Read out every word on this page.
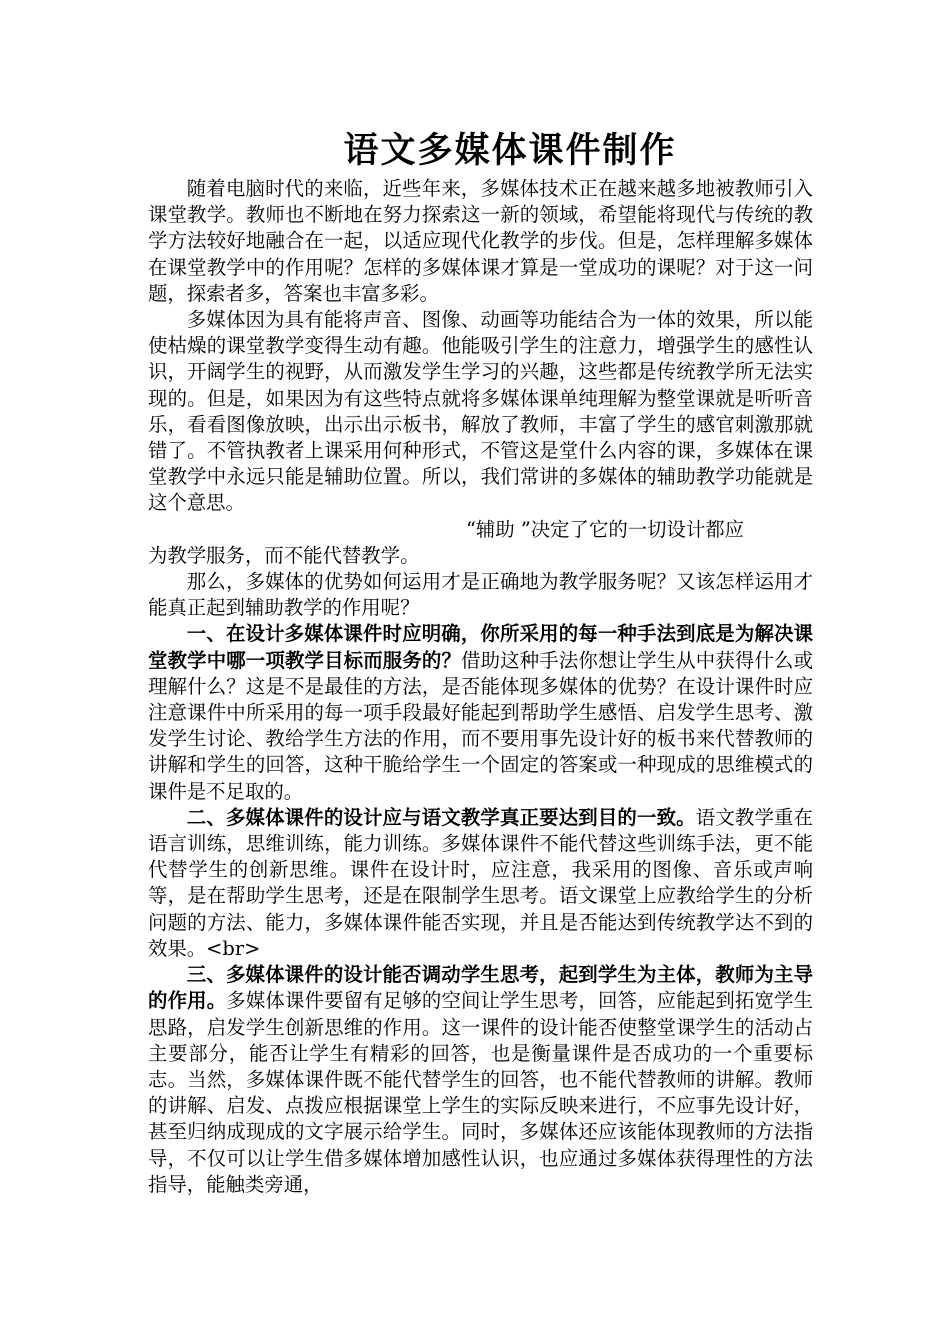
语文多媒体课件制作

随着电脑时代的来临，近些年来，多媒体技术正在越来越多地被教师引入课堂教学。教师也不断地在努力探索这一新的领域，希望能将现代与传统的教学方法较好地融合在一起，以适应现代化教学的步伐。但是，怎样理解多媒体在课堂教学中的作用呢？怎样的多媒体课才算是一堂成功的课呢？对于这一问题，探索者多，答案也丰富多彩。

多媒体因为具有能将声音、图像、动画等功能结合为一体的效果，所以能使枯燥的课堂教学变得生动有趣。他能吸引学生的注意力，增强学生的感性认识，开阔学生的视野，从而激发学生学习的兴趣，这些都是传统教学所无法实现的。但是，如果因为有这些特点就将多媒体课单纯理解为整堂课就是听听音乐，看看图像放映，出示出示板书，解放了教师，丰富了学生的感官刺激那就错了。不管执教者上课采用何种形式，不管这是堂什么内容的课，多媒体在课堂教学中永远只能是辅助位置。所以，我们常讲的多媒体的辅助教学功能就是这个意思。

“辅助 ”决定了它的一切设计都应

为教学服务，而不能代替教学。

那么，多媒体的优势如何运用才是正确地为教学服务呢？又该怎样运用才能真正起到辅助教学的作用呢？

一、在设计多媒体课件时应明确，你所采用的每一种手法到底是为解决课堂教学中哪一项教学目标而服务的？借助这种手法你想让学生从中获得什么或理解什么？这是不是最佳的方法，是否能体现多媒体的优势？在设计课件时应注意课件中所采用的每一项手段最好能起到帮助学生感悟、启发学生思考、激发学生讨论、教给学生方法的作用，而不要用事先设计好的板书来代替教师的讲解和学生的回答，这种干脆给学生一个固定的答案或一种现成的思维模式的课件是不足取的。

二、多媒体课件的设计应与语文教学真正要达到目的一致。语文教学重在语言训练，思维训练，能力训练。多媒体课件不能代替这些训练手法，更不能代替学生的创新思维。课件在设计时，应注意，我采用的图像、音乐或声响等，是在帮助学生思考，还是在限制学生思考。语文课堂上应教给学生的分析问题的方法、能力，多媒体课件能否实现，并且是否能达到传统教学达不到的效果。<br>

三、多媒体课件的设计能否调动学生思考，起到学生为主体，教师为主导的作用。多媒体课件要留有足够的空间让学生思考，回答，应能起到拓宽学生思路，启发学生创新思维的作用。这一课件的设计能否使整堂课学生的活动占主要部分，能否让学生有精彩的回答，也是衡量课件是否成功的一个重要标志。当然，多媒体课件既不能代替学生的回答，也不能代替教师的讲解。教师的讲解、启发、点拨应根据课堂上学生的实际反映来进行，不应事先设计好，甚至归纳成现成的文字展示给学生。同时，多媒体还应该能体现教师的方法指导，不仅可以让学生借多媒体增加感性认识，也应通过多媒体获得理性的方法指导，能触类旁通，
